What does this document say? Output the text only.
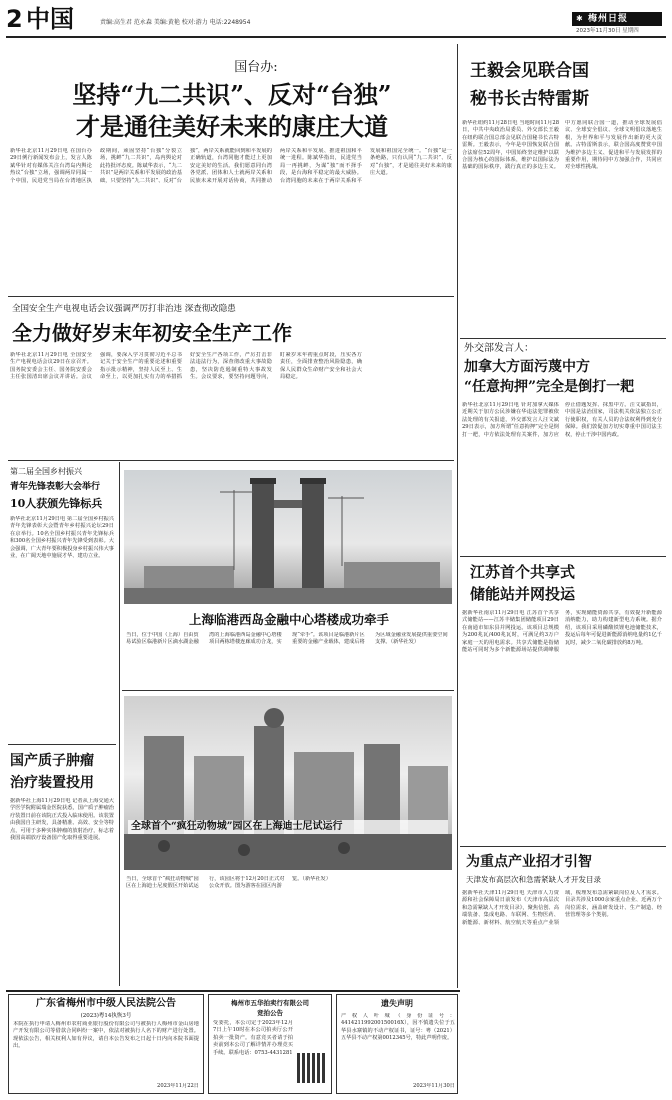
2 中国	责编:高生君 范永森 美编:黄艳 校对:游力 电话:2248954	✱ 梅州日报
2023年11月30日 星期四
国台办:
坚持“九二共识”、反对“台独”
才是通往美好未来的康庄大道
新华社北京11月29日电 在国台办29日例行新闻发布会上，发言人陈斌华针对有媒体关注台湾岛内舆论热议“台独”立场，强调两岸同属一个中国，民进党当局在台湾地区执政期间，顽固坚持“台独”分裂立场，挑衅“九二共识”，岛内舆论对此持批评态度。陈斌华表示，“九二共识”是两岸关系和平发展的政治基础，只要坚持“九二共识”、反对“台独”，两岸关系就能回到和平发展的正确轨道，台湾同胞才能过上更加安定美好的生活。我们愿意同台湾各党派、团体和人士就两岸关系和民族未来开展对话协商，共同推动两岸关系和平发展、推进祖国和平统一进程。陈斌华指出，民进党当局一再挑衅，为谋“独”而不择手段，是台海和平稳定的最大威胁。台湾同胞的未来在于两岸关系和平发展和祖国完全统一。“台独”是一条绝路，只有认同“九二共识”、反对“台独”，才是通往美好未来的康庄大道。
全国安全生产电视电话会议强调严厉打非治违 深查彻改隐患
全力做好岁末年初安全生产工作
新华社北京11月29日电 全国安全生产电视电话会议29日在京召开。国务院安委会主任、国务院安委会主任张国清出席会议并讲话。会议强调，要深入学习贯彻习近平总书记关于安全生产的重要论述和重要指示批示精神，坚持人民至上、生命至上，以更加扎实有力的举措抓好安全生产各项工作，严厉打击非法违法行为，深查彻改重大事故隐患，坚决防范遏制重特大事故发生。会议要求，要坚持问题导向，盯紧岁末年初重点时段，压实各方责任，全面排查整治风险隐患，确保人民群众生命财产安全和社会大局稳定。
第二届全国乡村振兴
青年先锋表彰大会举行
10人获颁先锋标兵
新华社北京11月29日电 第二届全国乡村振兴青年先锋表彰大会暨青年乡村振兴论坛29日在京举行。10名全国乡村振兴青年先锋标兵和300名全国乡村振兴青年先锋受到表彰。大会强调，广大青年要积极投身乡村振兴伟大事业，在广阔天地中施展才华、建功立业。
国产质子肿瘤
治疗装置投用
据新华社上海11月29日电 记者从上海交通大学医学院附属瑞金医院获悉，国产质子肿瘤治疗装置日前在该院正式投入临床使用。该装置由我国自主研发，具备精准、高效、安全等特点，可用于多种实体肿瘤的放射治疗，标志着我国高端放疗设备国产化取得重要进展。
上海临港西岛金融中心塔楼成功牵手
当日，位于中国（上海）自由贸易试验区临港新片区滴水湖金融湾的上海临港西岛金融中心塔楼项目两栋塔楼连廊成功合龙，实现“牵手”。该项目是临港新片区重要的金融产业载体，建成后将为区域金融业发展提供重要空间支撑。（新华社发）
全球首个“疯狂动物城”园区在上海迪士尼试运行
当日，全球首个“疯狂动物城”园区在上海迪士尼度假区开始试运行，该园区将于12月20日正式对公众开放。图为游客在园区内游览。（新华社发）
王毅会见联合国
秘书长古特雷斯
新华社纽约11月28日电 当地时间11月28日，中共中央政治局委员、外交部长王毅在纽约联合国总部会见联合国秘书长古特雷斯。王毅表示，今年是中国恢复联合国合法席位52周年，中国始终坚定维护以联合国为核心的国际体系，维护以国际法为基础的国际秩序，践行真正的多边主义。中方愿同联合国一道，推动全球发展倡议、全球安全倡议、全球文明倡议落地生根，为世界和平与发展作出新的更大贡献。古特雷斯表示，联合国高度赞赏中国为维护多边主义、促进和平与发展发挥的重要作用，期待同中方加强合作，共同应对全球性挑战。
外交部发言人：
加拿大方面污蔑中方
“任意拘押”完全是倒打一耙
新华社北京11月29日电 针对加拿大媒体近期关于加方公民涉嫌在华违法犯罪被依法处理的有关报道，外交部发言人汪文斌29日表示，加方所谓“任意拘押”完全是倒打一耙，中方依法处理有关案件，加方应停止借题发挥、抹黑中方。汪文斌指出，中国是法治国家，司法机关依法独立公正行使职权，有关人员的合法权利得到充分保障。我们敦促加方切实尊重中国司法主权，停止干涉中国内政。
江苏首个共享式
储能站并网投运
据新华社南京11月29日电 江苏首个共享式储能站——江苏丰储集团储能项目29日在南通市如东县并网投运。该项目总规模为200兆瓦/400兆瓦时，可满足约3万户家庭一天的用电需求。共享式储能是指储能站可同时为多个新能源场站提供调峰服务，实现储能资源共享，有效提升新能源消纳能力，助力构建新型电力系统。据介绍，该项目采用磷酸铁锂电池储能技术，投运后每年可促进新能源消纳电量约1亿千瓦时，减少二氧化碳排放约8万吨。
为重点产业招才引智
天津发布高层次和急需紧缺人才开发目录
据新华社天津11月29日电 天津市人力资源和社会保障局日前发布《天津市高层次和急需紧缺人才开发目录》，聚焦信创、高端装备、集成电路、车联网、生物医药、新能源、新材料、航空航天等重点产业领域，梳理发布急需紧缺岗位及人才需求。目录共涉及1000余家重点企业、近两万个岗位需求，涵盖研发设计、生产制造、经营管理等多个类别。
广东省梅州市中级人民法院公告
(2023)粤14执恢3号
本院在执行申请人梅州市农村商业银行股份有限公司与被执行人梅州市金山房地产开发有限公司等借款合同纠纷一案中，依法对被执行人名下的财产进行处置。现依法公告，相关权利人如有异议，请自本公告发布之日起十日内向本院书面提出。
2023年11月22日
梅州市五华拍卖行有限公司
竞拍公告
受委托，本公司定于2023年12月7日上午10时在本公司拍卖厅公开拍卖一批资产。有意竞买者请于拍卖前到本公司了解详情并办理竞买手续。联系电话：0753-4431281
遗失声明
产权人叶城（身份证号：441421199200150016X），因不慎遗失位于五华县水寨镇的不动产权证书，证号：粤（2021）五华县不动产权第0012345号，特此声明作废。
2023年11月30日
